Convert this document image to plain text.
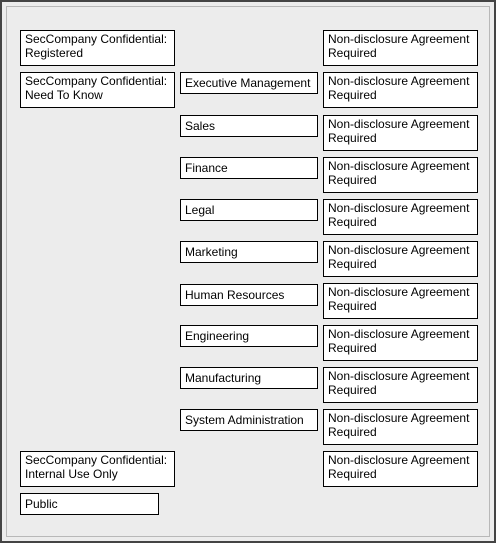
SecCompany Confidential:
Registered
SecCompany Confidential:
Need To Know
SecCompany Confidential:
Internal Use Only
Public
Executive Management
Sales
Finance
Legal
Marketing
Human Resources
Engineering
Manufacturing
System Administration
Non-disclosure Agreement
Required
Non-disclosure Agreement
Required
Non-disclosure Agreement
Required
Non-disclosure Agreement
Required
Non-disclosure Agreement
Required
Non-disclosure Agreement
Required
Non-disclosure Agreement
Required
Non-disclosure Agreement
Required
Non-disclosure Agreement
Required
Non-disclosure Agreement
Required
Non-disclosure Agreement
Required
